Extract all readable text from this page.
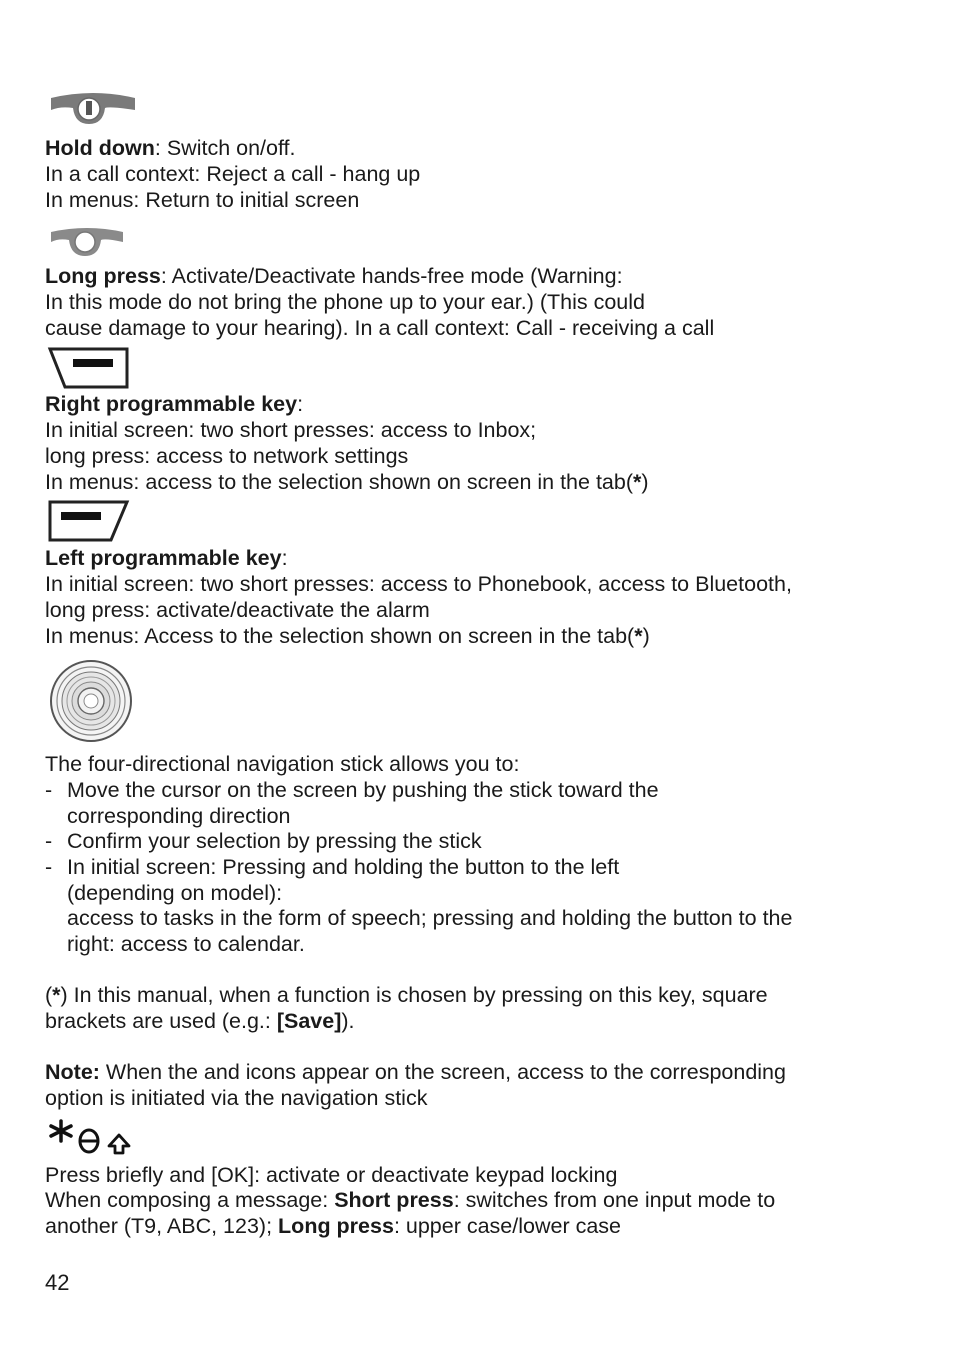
Hold down: Switch on/off.
In a call context: Reject a call - hang up
In menus: Return to initial screen
Long press: Activate/Deactivate hands-free mode (Warning:
In this mode do not bring the phone up to your ear.) (This could
cause damage to your hearing). In a call context: Call - receiving a call
Right programmable key:
In initial screen: two short presses: access to Inbox;
long press: access to network settings
In menus: access to the selection shown on screen in the tab(*)
Left programmable key:
In initial screen: two short presses: access to Phonebook, access to Bluetooth,
long press: activate/deactivate the alarm
In menus: Access to the selection shown on screen in the tab(*)
The four-directional navigation stick allows you to:
- Move the cursor on the screen by pushing the stick toward the
corresponding direction
- Confirm your selection by pressing the stick
- In initial screen: Pressing and holding the button to the left
(depending on model):
access to tasks in the form of speech; pressing and holding the button to the
right: access to calendar.
(*) In this manual, when a function is chosen by pressing on this key, square
brackets are used (e.g.: [Save]).
Note: When the and icons appear on the screen, access to the corresponding
option is initiated via the navigation stick
Press briefly and [OK]: activate or deactivate keypad locking
When composing a message: Short press: switches from one input mode to
another (T9, ABC, 123); Long press: upper case/lower case
42
